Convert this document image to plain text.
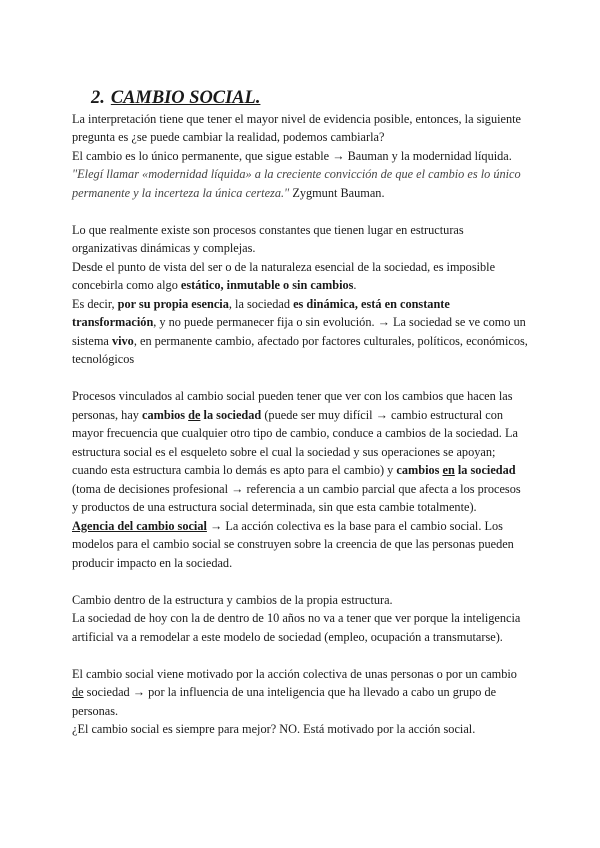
2. CAMBIO SOCIAL.

La interpretación tiene que tener el mayor nivel de evidencia posible, entonces, la siguiente pregunta es ¿se puede cambiar la realidad, podemos cambiarla?

El cambio es lo único permanente, que sigue estable → Bauman y la modernidad líquida.

"Elegí llamar «modernidad líquida» a la creciente convicción de que el cambio es lo único permanente y la incerteza la única certeza." Zygmunt Bauman.

Lo que realmente existe son procesos constantes que tienen lugar en estructuras organizativas dinámicas y complejas.

Desde el punto de vista del ser o de la naturaleza esencial de la sociedad, es imposible concebirla como algo estático, inmutable o sin cambios.

Es decir, por su propia esencia, la sociedad es dinámica, está en constante transformación, y no puede permanecer fija o sin evolución. → La sociedad se ve como un sistema vivo, en permanente cambio, afectado por factores culturales, políticos, económicos, tecnológicos

Procesos vinculados al cambio social pueden tener que ver con los cambios que hacen las personas, hay cambios de la sociedad (puede ser muy difícil → cambio estructural con mayor frecuencia que cualquier otro tipo de cambio, conduce a cambios de la sociedad. La estructura social es el esqueleto sobre el cual la sociedad y sus operaciones se apoyan; cuando esta estructura cambia lo demás es apto para el cambio) y cambios en la sociedad (toma de decisiones profesional → referencia a un cambio parcial que afecta a los procesos y productos de una estructura social determinada, sin que esta cambie totalmente).

Agencia del cambio social → La acción colectiva es la base para el cambio social. Los modelos para el cambio social se construyen sobre la creencia de que las personas pueden producir impacto en la sociedad.

Cambio dentro de la estructura y cambios de la propia estructura.

La sociedad de hoy con la de dentro de 10 años no va a tener que ver porque la inteligencia artificial va a remodelar a este modelo de sociedad (empleo, ocupación a transmutarse).

El cambio social viene motivado por la acción colectiva de unas personas o por un cambio de sociedad → por la influencia de una inteligencia que ha llevado a cabo un grupo de personas.

¿El cambio social es siempre para mejor? NO. Está motivado por la acción social.
